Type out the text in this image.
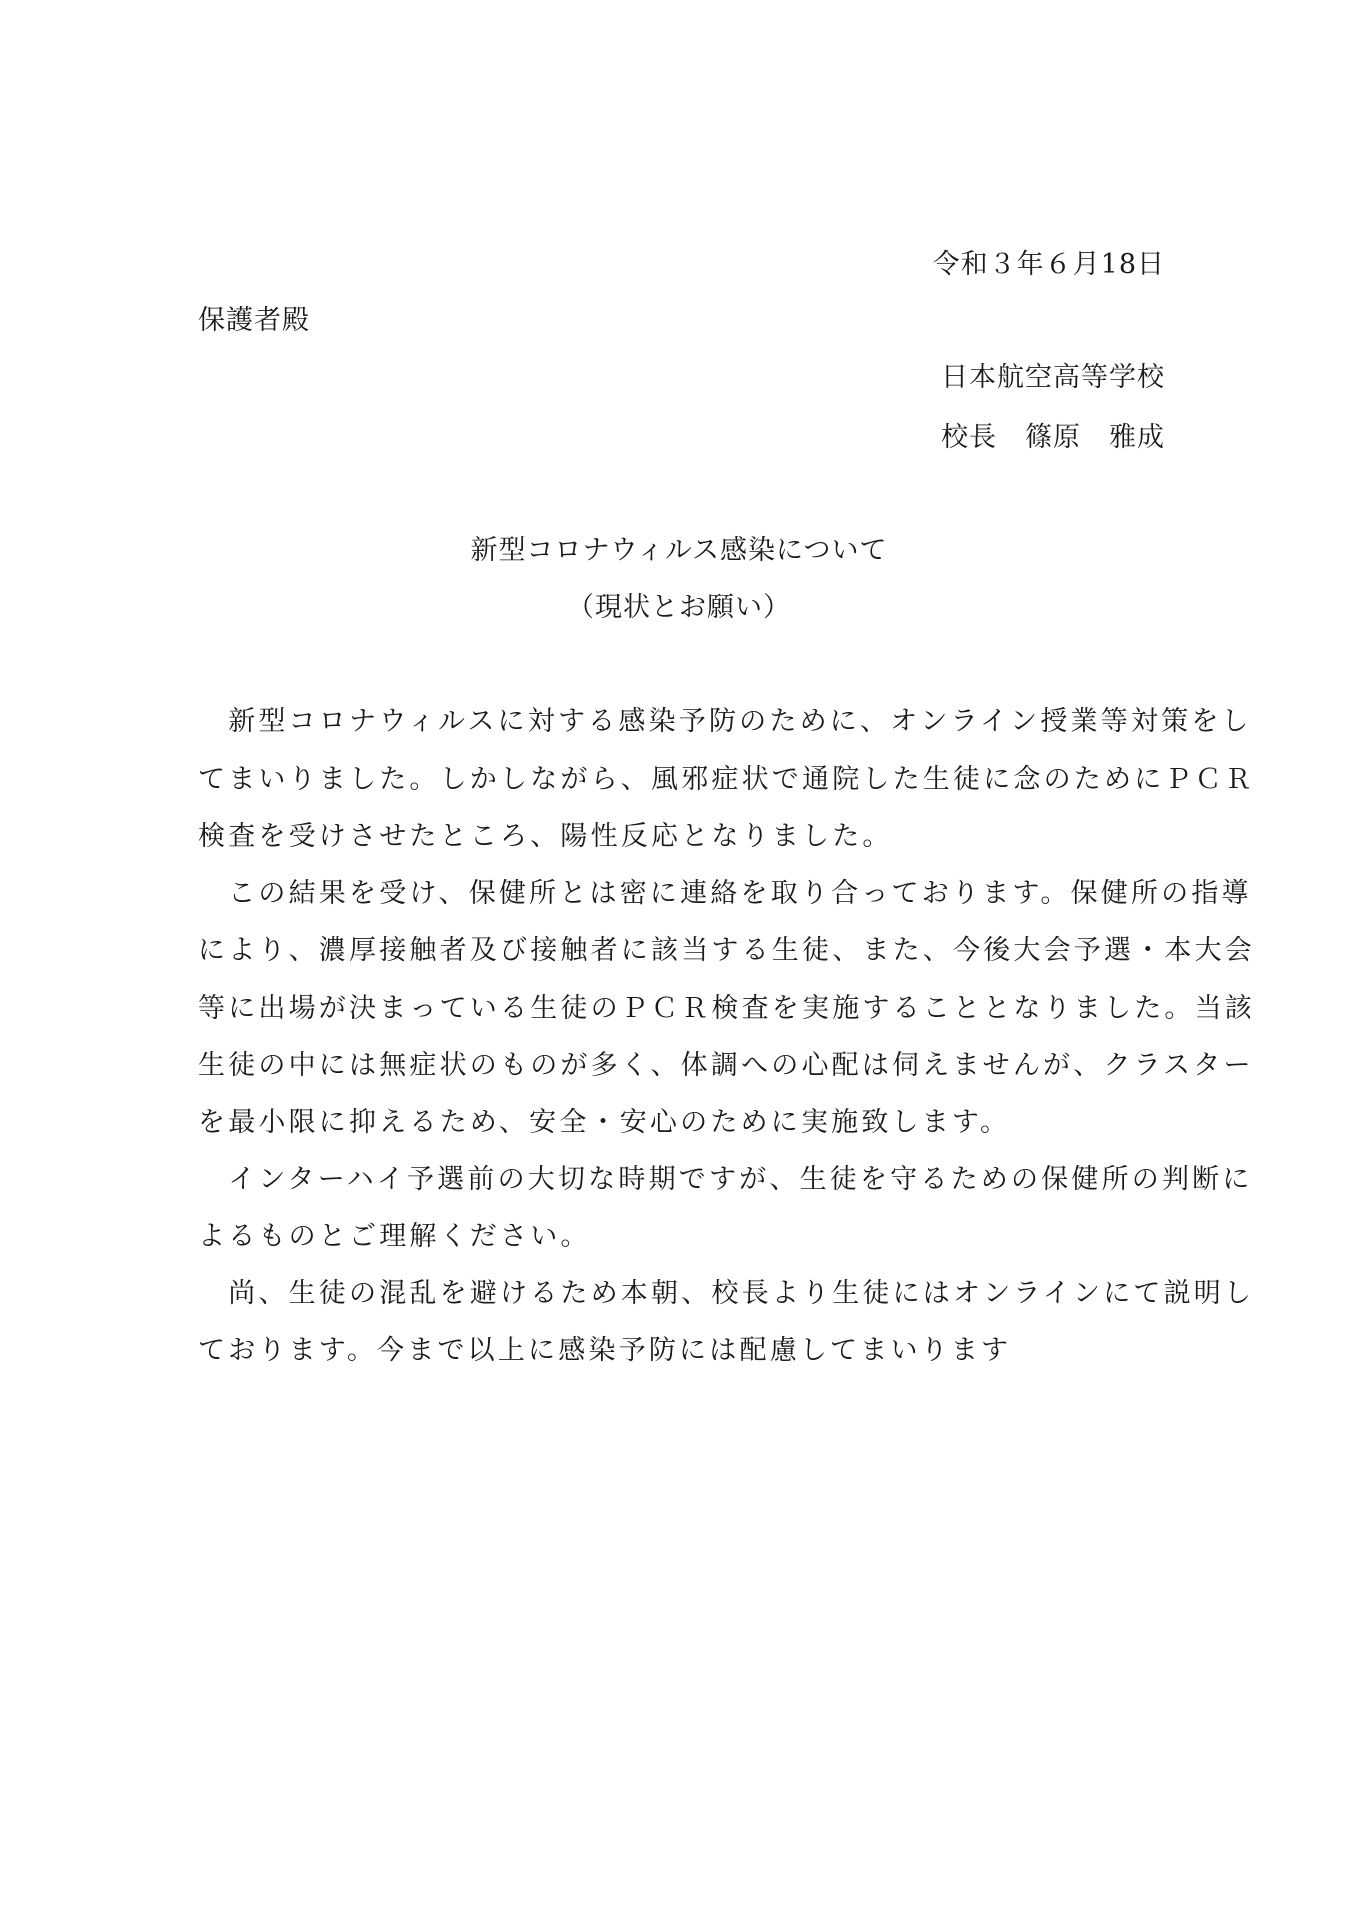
令和３年６月18日
保護者殿
日本航空高等学校
校長　篠原　雅成
新型コロナウィルス感染について
（現状とお願い）
　新型コロナウィルスに対する感染予防のために、オンライン授業等対策をし
てまいりました。しかしながら、風邪症状で通院した生徒に念のためにＰＣＲ
検査を受けさせたところ、陽性反応となりました。
　この結果を受け、保健所とは密に連絡を取り合っております。保健所の指導
により、濃厚接触者及び接触者に該当する生徒、また、今後大会予選・本大会
等に出場が決まっている生徒のＰＣＲ検査を実施することとなりました。当該
生徒の中には無症状のものが多く、体調への心配は伺えませんが、クラスター
を最小限に抑えるため、安全・安心のために実施致します。
　インターハイ予選前の大切な時期ですが、生徒を守るための保健所の判断に
よるものとご理解ください。
　尚、生徒の混乱を避けるため本朝、校長より生徒にはオンラインにて説明し
ております。今まで以上に感染予防には配慮してまいります
